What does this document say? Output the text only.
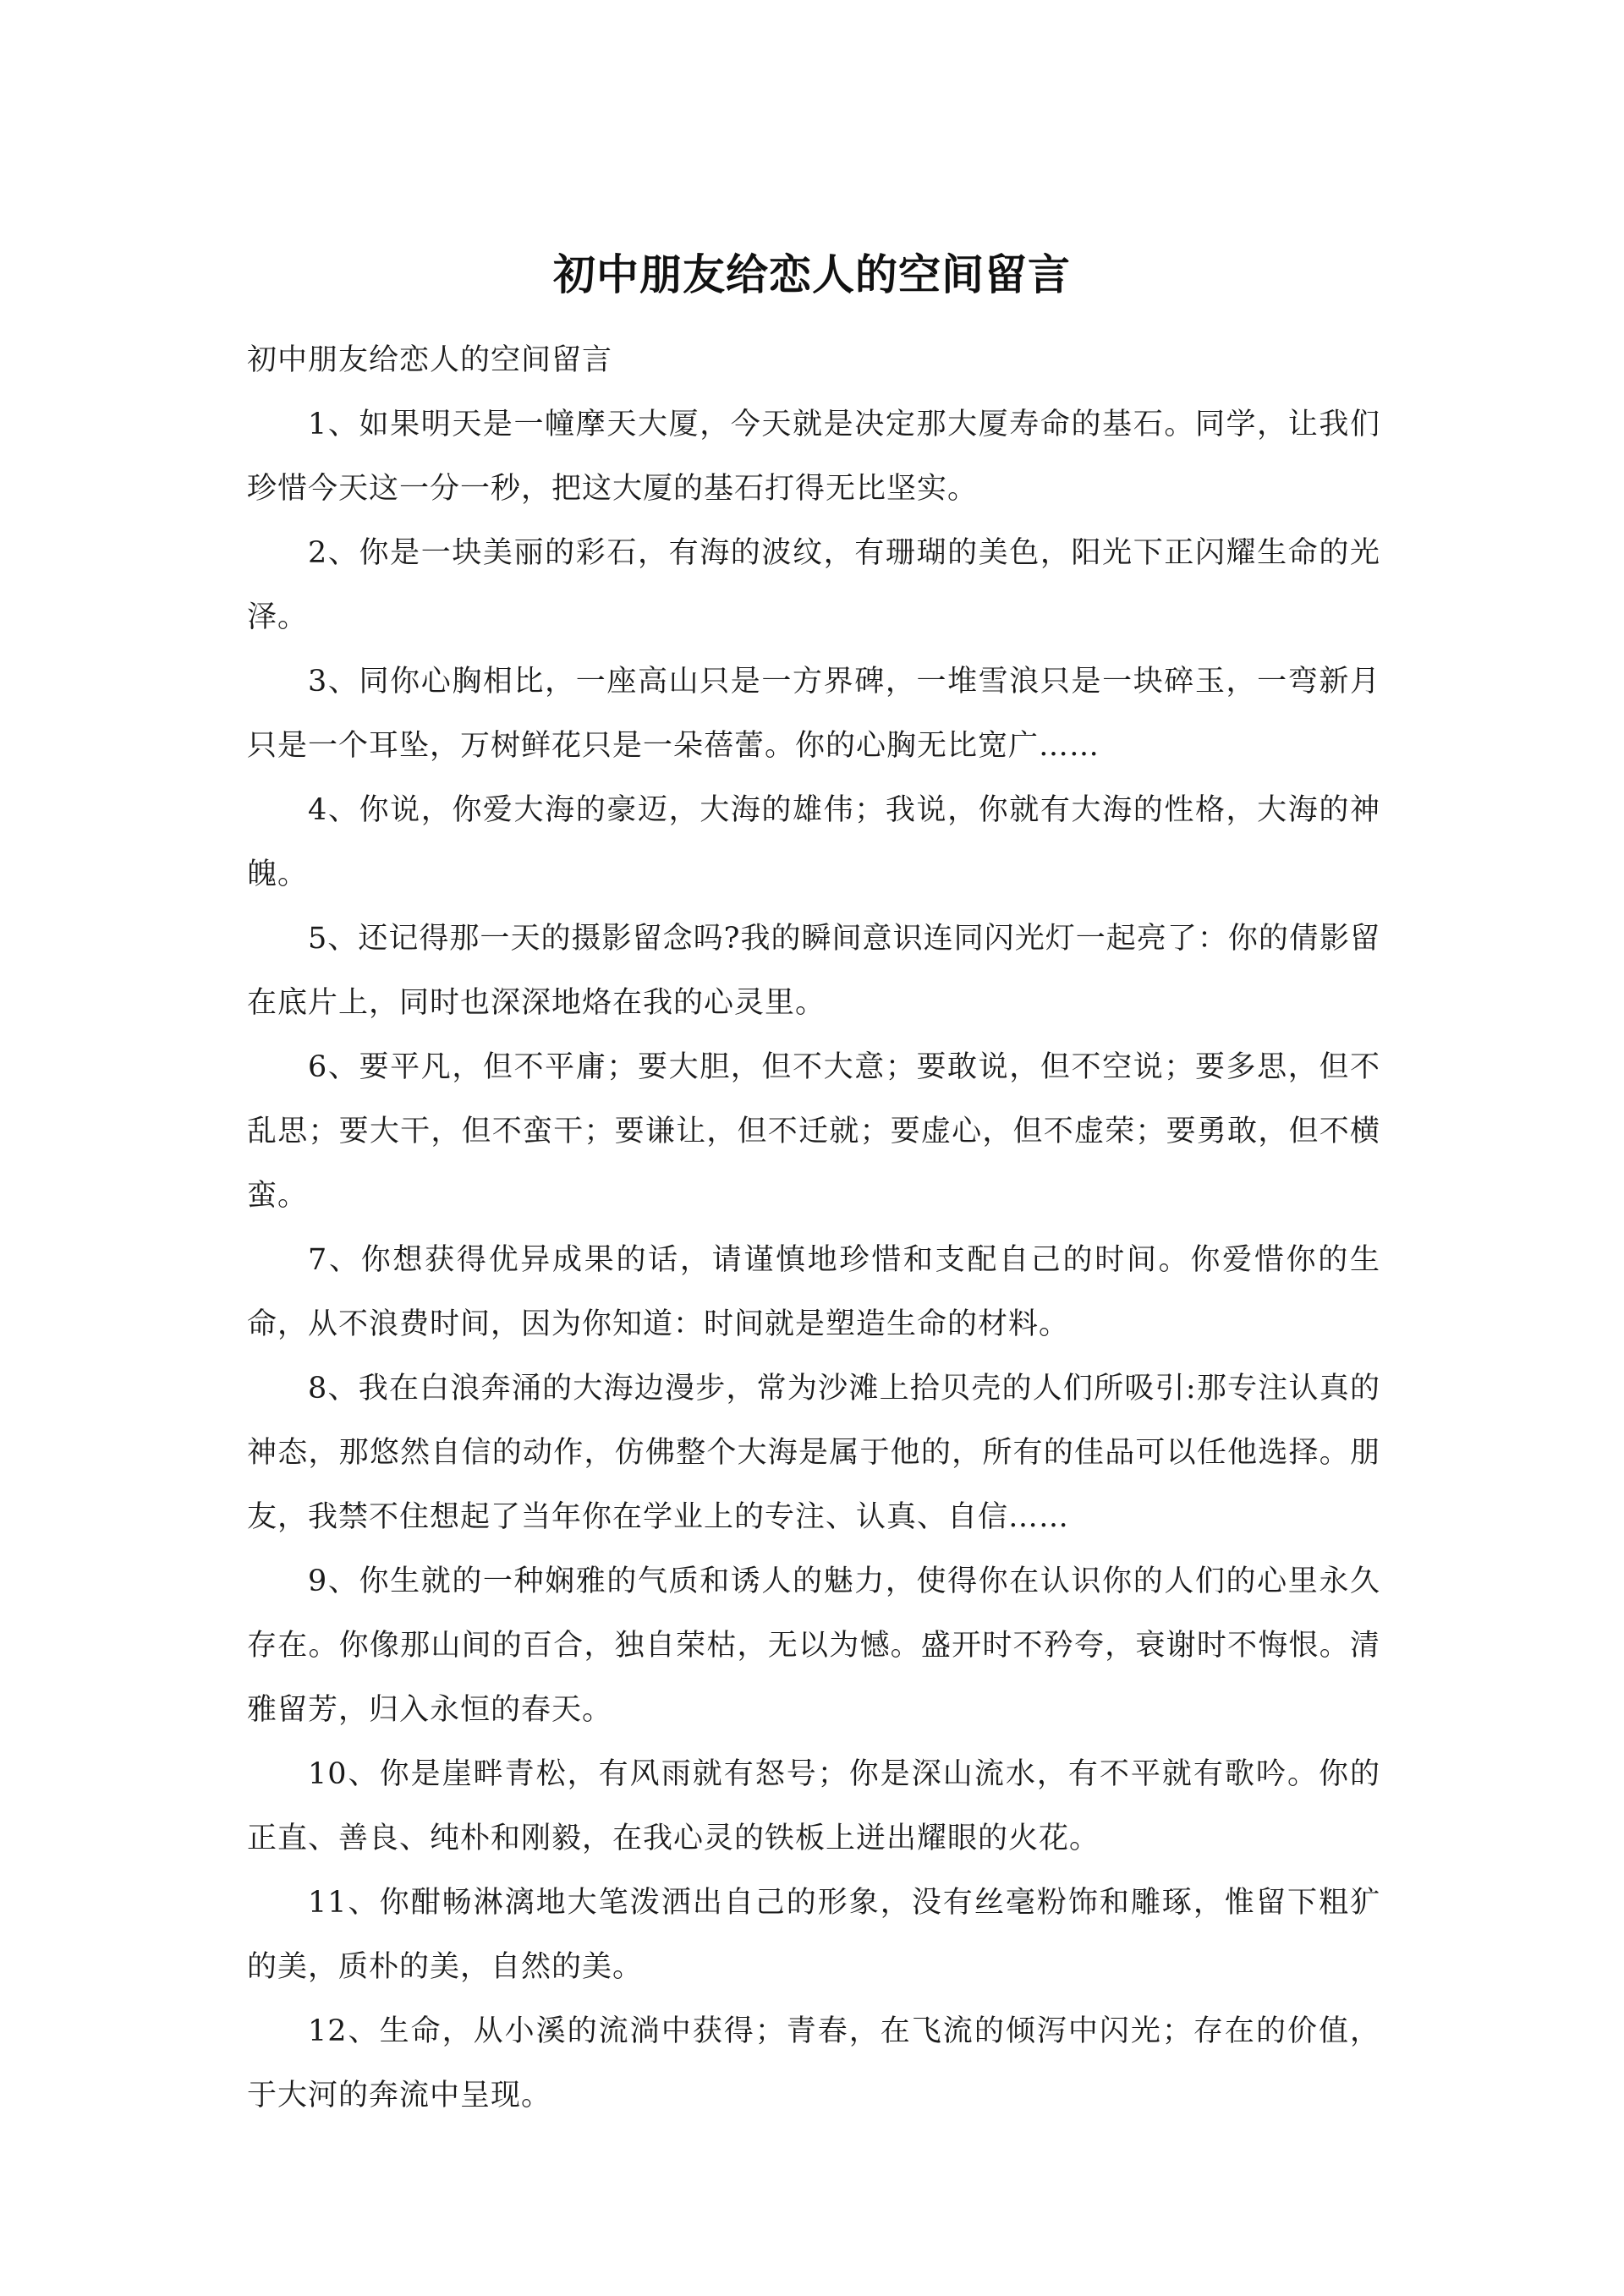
初中朋友给恋人的空间留言

初中朋友给恋人的空间留言

1、如果明天是一幢摩天大厦，今天就是决定那大厦寿命的基石。同学，让我们珍惜今天这一分一秒，把这大厦的基石打得无比坚实。

2、你是一块美丽的彩石，有海的波纹，有珊瑚的美色，阳光下正闪耀生命的光泽。

3、同你心胸相比，一座高山只是一方界碑，一堆雪浪只是一块碎玉，一弯新月只是一个耳坠，万树鲜花只是一朵蓓蕾。你的心胸无比宽广……

4、你说，你爱大海的豪迈，大海的雄伟；我说，你就有大海的性格，大海的神魄。

5、还记得那一天的摄影留念吗?我的瞬间意识连同闪光灯一起亮了：你的倩影留在底片上，同时也深深地烙在我的心灵里。

6、要平凡，但不平庸；要大胆，但不大意；要敢说，但不空说；要多思，但不乱思；要大干，但不蛮干；要谦让，但不迁就；要虚心，但不虚荣；要勇敢，但不横蛮。

7、你想获得优异成果的话，请谨慎地珍惜和支配自己的时间。你爱惜你的生命，从不浪费时间，因为你知道：时间就是塑造生命的材料。

8、我在白浪奔涌的大海边漫步，常为沙滩上拾贝壳的人们所吸引:那专注认真的神态，那悠然自信的动作，仿佛整个大海是属于他的，所有的佳品可以任他选择。朋友，我禁不住想起了当年你在学业上的专注、认真、自信……

9、你生就的一种娴雅的气质和诱人的魅力，使得你在认识你的人们的心里永久存在。你像那山间的百合，独自荣枯，无以为憾。盛开时不矜夸，衰谢时不悔恨。清雅留芳，归入永恒的春天。

10、你是崖畔青松，有风雨就有怒号；你是深山流水，有不平就有歌吟。你的正直、善良、纯朴和刚毅，在我心灵的铁板上迸出耀眼的火花。

11、你酣畅淋漓地大笔泼洒出自己的形象，没有丝毫粉饰和雕琢，惟留下粗犷的美，质朴的美，自然的美。

12、生命，从小溪的流淌中获得；青春，在飞流的倾泻中闪光；存在的价值，于大河的奔流中呈现。
